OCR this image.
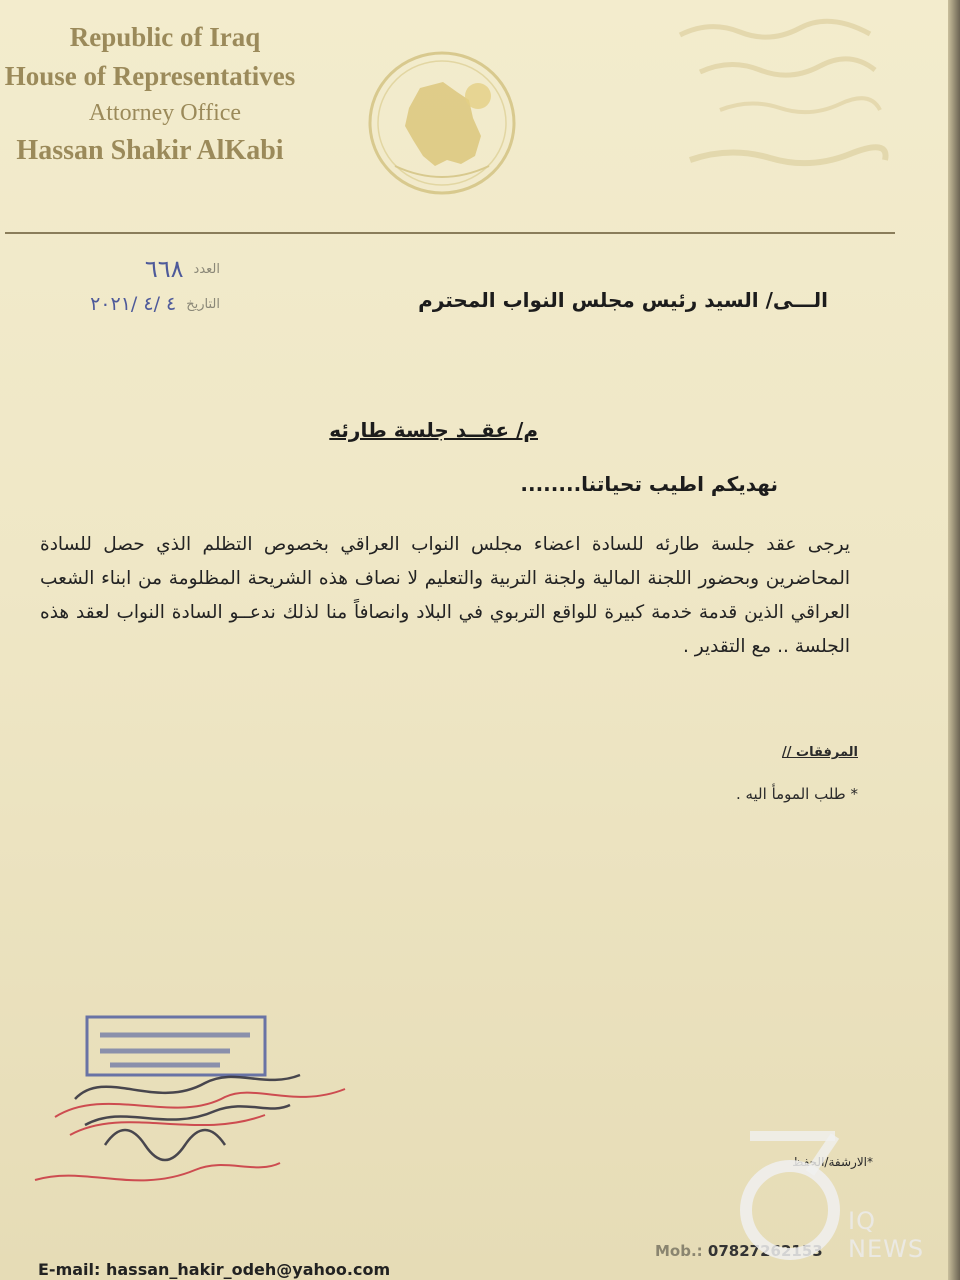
Republic of Iraq
House of Representatives
Attorney Office
Hassan Shakir AlKabi
العدد
٦٦٨
التاريخ
٤ /٤ /٢٠٢١	الـــى/ السيد رئيس مجلس النواب المحترم
م/ عقــد جلسة طارئه
نهديكم اطيب تحياتنا........
يرجى عقد جلسة طارئه للسادة اعضاء مجلس النواب العراقي بخصوص التظلم الذي حصل للسادة المحاضرين وبحضور اللجنة المالية ولجنة التربية والتعليم لا نصاف هذه الشريحة المظلومة من ابناء الشعب العراقي الذين قدمة خدمة كبيرة للواقع التربوي في البلاد وانصافاً منا لذلك ندعــو السادة النواب لعقد هذه الجلسة .. مع التقدير .
المرفقات //
* طلب المومأ اليه .
*الارشفة/الحفظ
Mob.: 07827262153
E-mail: hassan_hakir_odeh@yahoo.com
IQ NEWS
